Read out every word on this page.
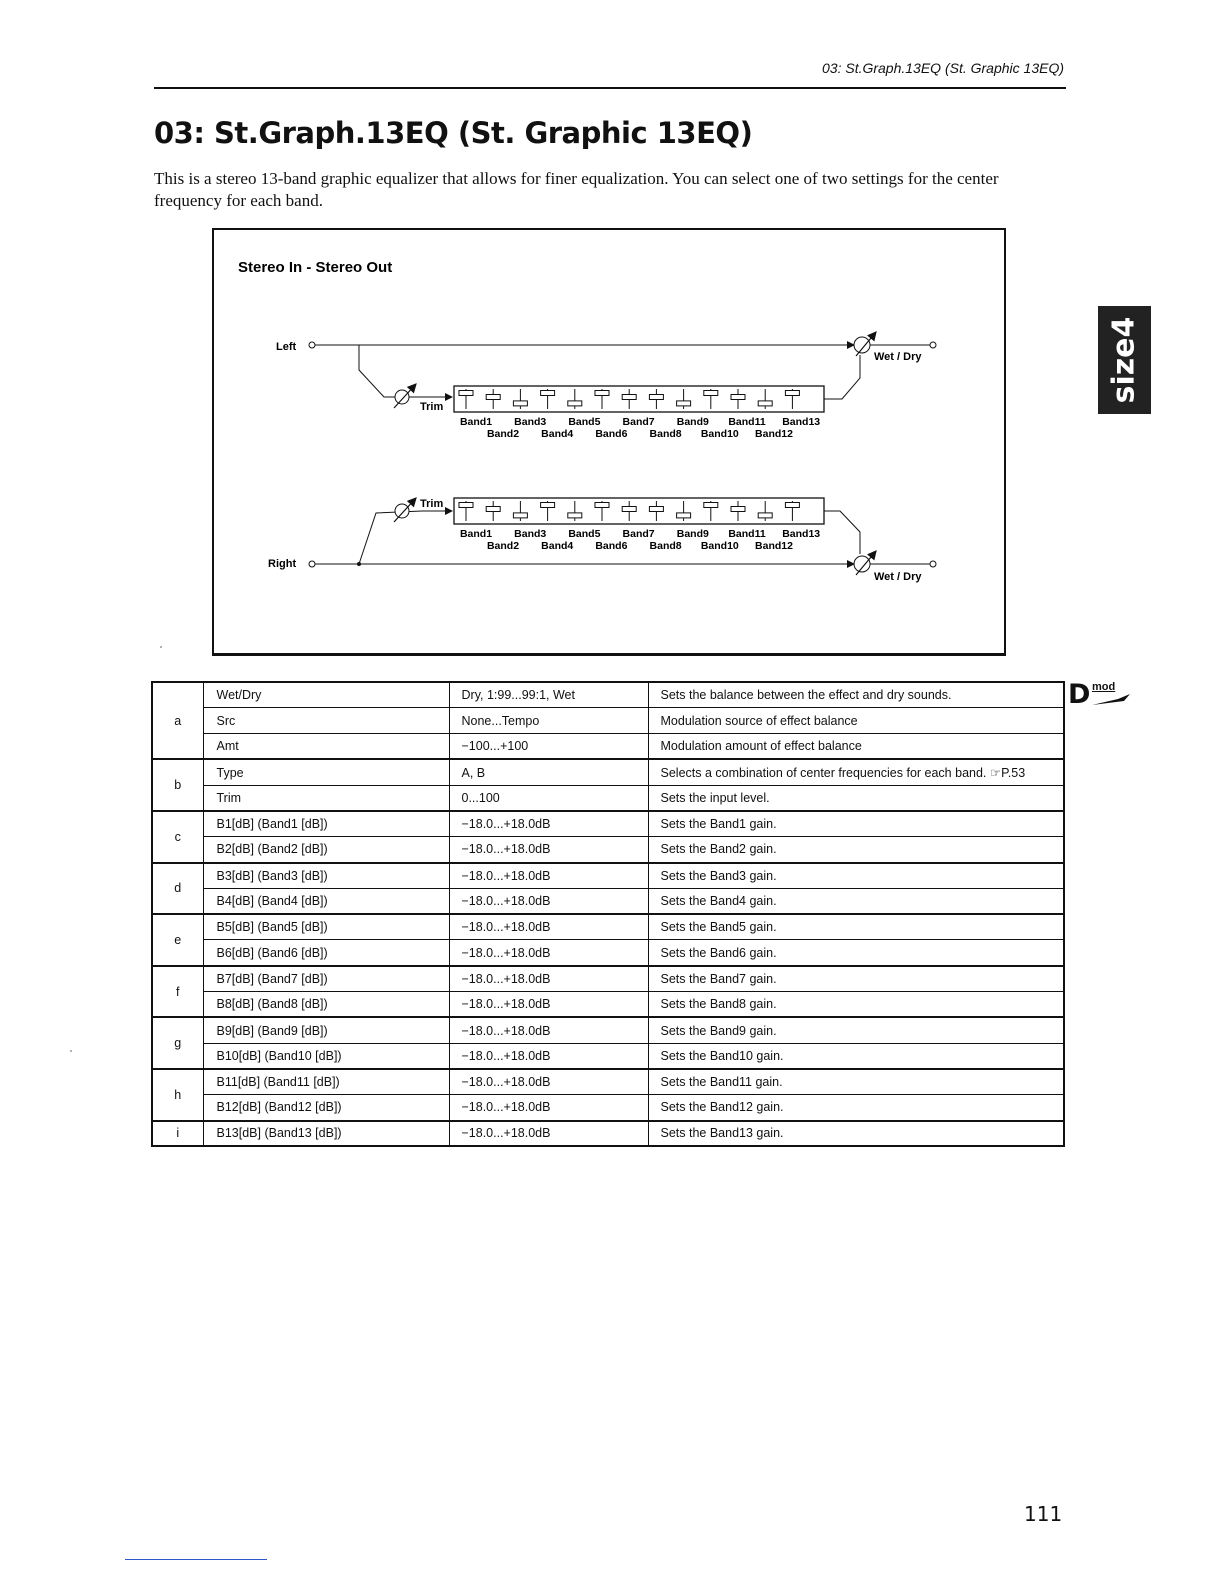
03: St.Graph.13EQ (St. Graphic 13EQ)
03: St.Graph.13EQ (St. Graphic 13EQ)

This is a stereo 13-band graphic equalizer that allows for finer equalization. You can select one of two settings for the center frequency for each band.

size4
Stereo In - Stereo Out
Left
Trim
Band1 Band3 Band5 Band7 Band9 Band11 Band13
Band2 Band4 Band6 Band8 Band10 Band12
Wet / Dry
Right
Trim
Band1 Band3 Band5 Band7 Band9 Band11 Band13
Band2 Band4 Band6 Band8 Band10 Band12
Wet / Dry
a	Wet/Dry	Dry, 1:99...99:1, Wet	Sets the balance between the effect and dry sounds.
	Src	None...Tempo	Modulation source of effect balance
	Amt	−100...+100	Modulation amount of effect balance
b	Type	A, B	Selects a combination of center frequencies for each band. ☞P.53
	Trim	0...100	Sets the input level.
c	B1[dB] (Band1 [dB])	−18.0...+18.0dB	Sets the Band1 gain.
	B2[dB] (Band2 [dB])	−18.0...+18.0dB	Sets the Band2 gain.
d	B3[dB] (Band3 [dB])	−18.0...+18.0dB	Sets the Band3 gain.
	B4[dB] (Band4 [dB])	−18.0...+18.0dB	Sets the Band4 gain.
e	B5[dB] (Band5 [dB])	−18.0...+18.0dB	Sets the Band5 gain.
	B6[dB] (Band6 [dB])	−18.0...+18.0dB	Sets the Band6 gain.
f	B7[dB] (Band7 [dB])	−18.0...+18.0dB	Sets the Band7 gain.
	B8[dB] (Band8 [dB])	−18.0...+18.0dB	Sets the Band8 gain.
g	B9[dB] (Band9 [dB])	−18.0...+18.0dB	Sets the Band9 gain.
	B10[dB] (Band10 [dB])	−18.0...+18.0dB	Sets the Band10 gain.
h	B11[dB] (Band11 [dB])	−18.0...+18.0dB	Sets the Band11 gain.
	B12[dB] (Band12 [dB])	−18.0...+18.0dB	Sets the Band12 gain.
i	B13[dB] (Band13 [dB])	−18.0...+18.0dB	Sets the Band13 gain.
D mod
111
